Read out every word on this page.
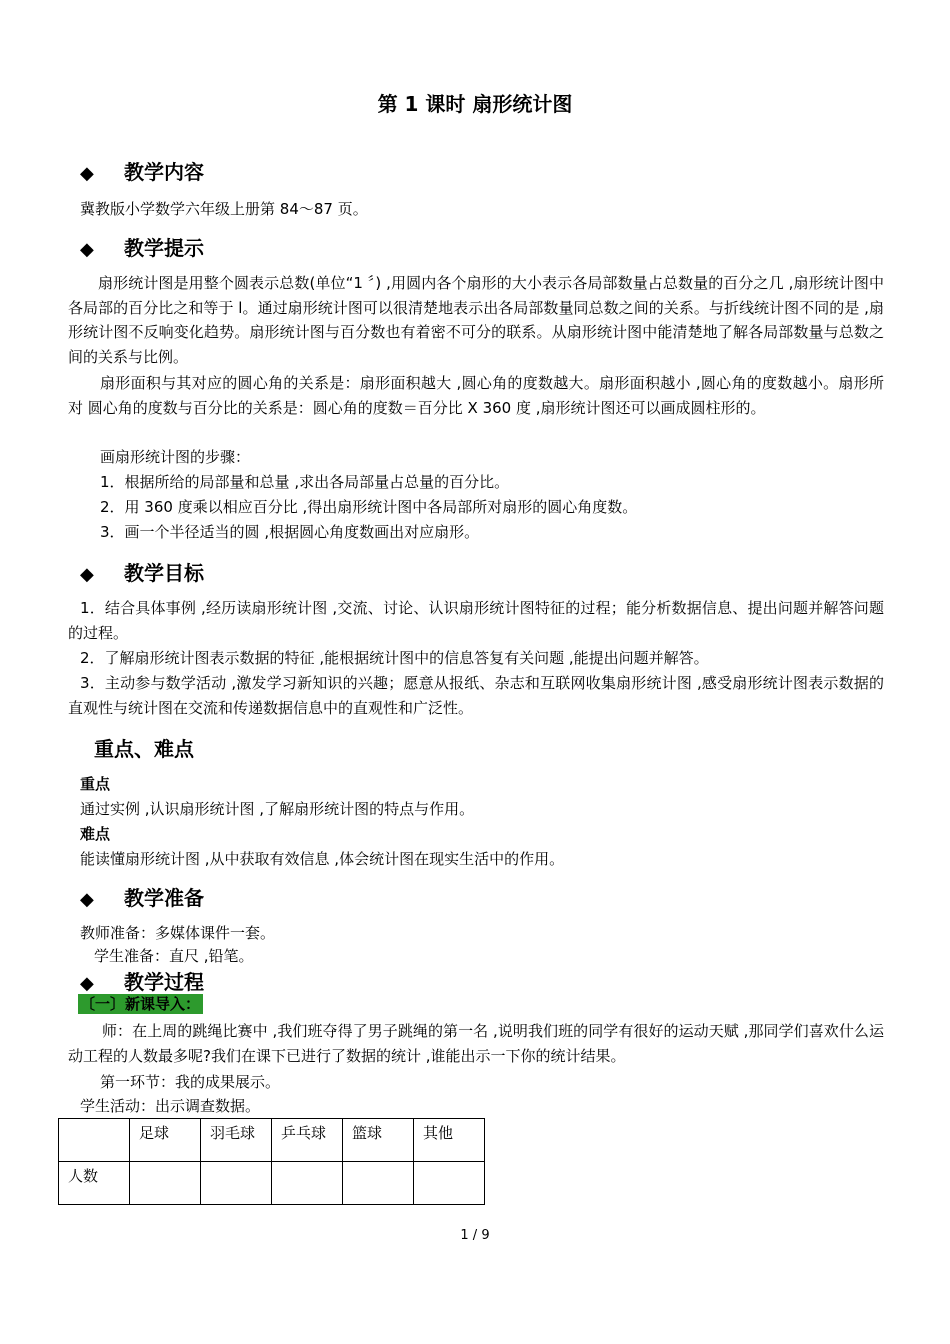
第 1 课时 扇形统计图
◆ 教学内容
冀教版小学数学六年级上册第 84～87 页。
◆ 教学提示
扇形统计图是用整个圆表示总数(单位“1 〞) ,用圆内各个扇形的大小表示各局部数量占总数量的百分之几 ,扇形统计图中各局部的百分比之和等于 l。通过扇形统计图可以很清楚地表示出各局部数量同总数之间的关系。与折线统计图不同的是 ,扇形统计图不反响变化趋势。扇形统计图与百分数也有着密不可分的联系。从扇形统计图中能清楚地了解各局部数量与总数之间的关系与比例。
扇形面积与其对应的圆心角的关系是：扇形面积越大 ,圆心角的度数越大。扇形面积越小 ,圆心角的度数越小。扇形所对 圆心角的度数与百分比的关系是：圆心角的度数＝百分比 X 360 度 ,扇形统计图还可以画成圆柱形的。
画扇形统计图的步骤：
1．根据所给的局部量和总量 ,求出各局部量占总量的百分比。
2．用 360 度乘以相应百分比 ,得出扇形统计图中各局部所对扇形的圆心角度数。
3．画一个半径适当的圆 ,根据圆心角度数画出对应扇形。
◆ 教学目标
1．结合具体事例 ,经历读扇形统计图 ,交流、讨论、认识扇形统计图特征的过程；能分析数据信息、提出问题并解答问题的过程。
2．了解扇形统计图表示数据的特征 ,能根据统计图中的信息答复有关问题 ,能提出问题并解答。
3．主动参与数学活动 ,激发学习新知识的兴趣；愿意从报纸、杂志和互联网收集扇形统计图 ,感受扇形统计图表示数据的直观性与统计图在交流和传递数据信息中的直观性和广泛性。
重点、难点
重点
通过实例 ,认识扇形统计图 ,了解扇形统计图的特点与作用。
难点
能读懂扇形统计图 ,从中获取有效信息 ,体会统计图在现实生活中的作用。
◆ 教学准备
教师准备：多媒体课件一套。
学生准备：直尺 ,铅笔。
◆ 教学过程
〔一〕新课导入：
师：在上周的跳绳比赛中 ,我们班夺得了男子跳绳的第一名 ,说明我们班的同学有很好的运动天赋 ,那同学们喜欢什么运动工程的人数最多呢?我们在课下已进行了数据的统计 ,谁能出示一下你的统计结果。
第一环节：我的成果展示。
学生活动：出示调查数据。
	足球	羽毛球	乒乓球	篮球	其他
人数					
1 / 9
